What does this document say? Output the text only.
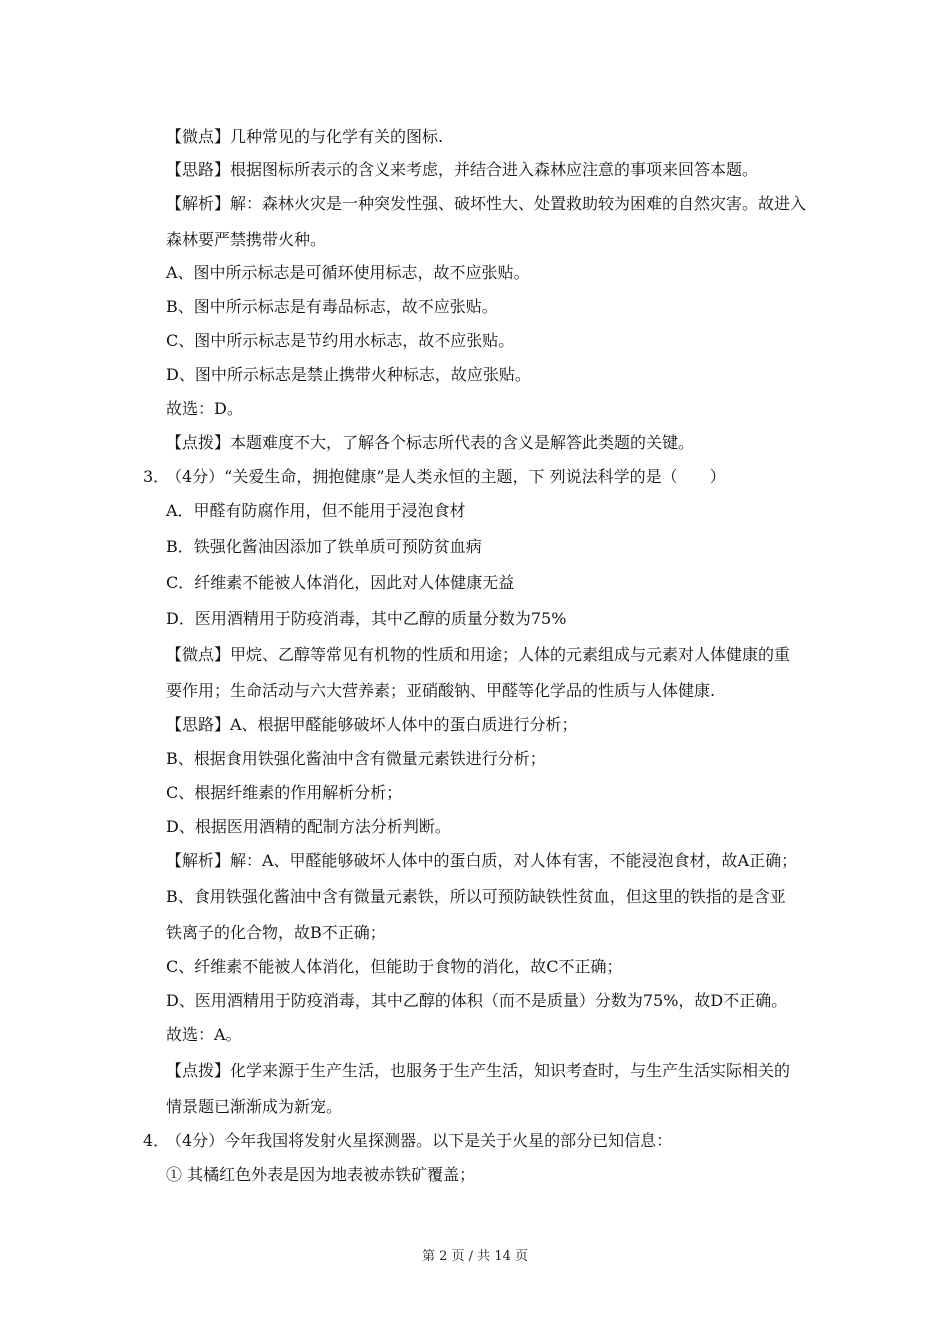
【微点】几种常见的与化学有关的图标.
【思路】根据图标所表示的含义来考虑，并结合进入森林应注意的事项来回答本题。
【解析】解：森林火灾是一种突发性强、破坏性大、处置救助较为困难的自然灾害。故进入
森林要严禁携带火种。
A、图中所示标志是可循环使用标志，故不应张贴。
B、图中所示标志是有毒品标志，故不应张贴。
C、图中所示标志是节约用水标志，故不应张贴。
D、图中所示标志是禁止携带火种标志，故应张贴。
故选：D。
【点拨】本题难度不大，了解各个标志所代表的含义是解答此类题的关键。
3．
（4分）“关爱生命，拥抱健康”是人类永恒的主题，下 列说法科学的是（　　）
A．甲醛有防腐作用，但不能用于浸泡食材
B．铁强化酱油因添加了铁单质可预防贫血病
C．纤维素不能被人体消化，因此对人体健康无益
D．医用酒精用于防疫消毒，其中乙醇的质量分数为75%
【微点】甲烷、乙醇等常见有机物的性质和用途；人体的元素组成与元素对人体健康的重
要作用；生命活动与六大营养素；亚硝酸钠、甲醛等化学品的性质与人体健康.
【思路】A、根据甲醛能够破坏人体中的蛋白质进行分析；
B、根据食用铁强化酱油中含有微量元素铁进行分析；
C、根据纤维素的作用解析分析；
D、根据医用酒精的配制方法分析判断。
【解析】解：A、甲醛能够破坏人体中的蛋白质，对人体有害，不能浸泡食材，故A正确；
B、食用铁强化酱油中含有微量元素铁，所以可预防缺铁性贫血，但这里的铁指的是含亚
铁离子的化合物，故B不正确；
C、纤维素不能被人体消化，但能助于食物的消化，故C不正确；
D、医用酒精用于防疫消毒，其中乙醇的体积（而不是质量）分数为75%，故D不正确。
故选：A。
【点拨】化学来源于生产生活，也服务于生产生活，知识考查时，与生产生活实际相关的
情景题已渐渐成为新宠。
4．
（4分）今年我国将发射火星探测器。以下是关于火星的部分已知信息：
① 其橘红色外表是因为地表被赤铁矿覆盖；
第 2 页 / 共 14 页
